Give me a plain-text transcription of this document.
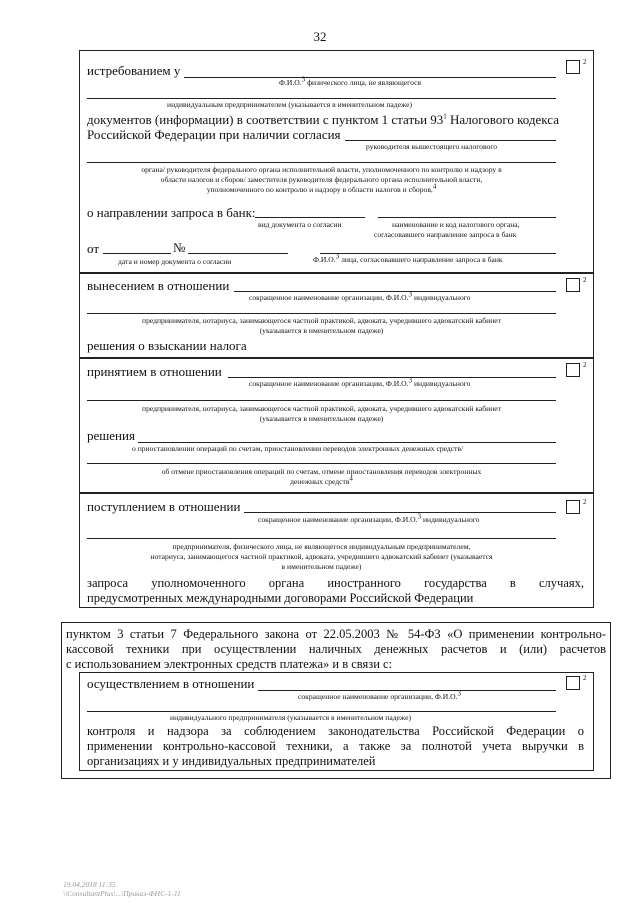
32
2
истребованием у
Ф.И.О.$^3$ физического лица, не являющегося
индивидуальным предпринимателем (указывается в именительном падеже)
документов (информации) в соответствии с пунктом 1 статьи $93^1$ Налогового кодекса
Российской Федерации при наличии согласия
руководителя вышестоящего налогового
органа/ руководителя федерального органа исполнительной власти, уполномоченного по контролю и надзору в
области налогов и сборов/ заместителя руководителя федерального органа исполнительной власти,
уполномоченного по контролю и надзору в области налогов и сборов,$^4$
о направлении запроса в банк:
вид документа о согласии	наименование и код налогового органа,
согласовавшего направление запроса в банк
от	№
дата и номер документа о согласии	Ф.И.О.$^3$ лица, согласовавшего направление запроса в банк
2
вынесением в отношении
сокращенное наименование организации, Ф.И.О.$^3$ индивидуального
предпринимателя, нотариуса, занимающегося частной практикой, адвоката, учредившего адвокатский кабинет
(указывается в именительном падеже)
решения о взыскании налога
2
принятием в отношении
сокращенное наименование организации, Ф.И.О.$^3$ индивидуального
предпринимателя, нотариуса, занимающегося частной практикой, адвоката, учредившего адвокатский кабинет
(указывается в именительном падеже)
решения
о приостановлении операций по счетам, приостановлении переводов электронных денежных средств/
об отмене приостановления операций по счетам, отмене приостановления переводов электронных
денежных средств$^4$
2
поступлением в отношении
сокращенное наименование организации, Ф.И.О.$^3$ индивидуального
предпринимателя, физического лица, не являющегося индивидуальным предпринимателем,
нотариуса, занимающегося частной практикой, адвоката, учредившего адвокатский кабинет (указывается
в именительном падеже)
запроса уполномоченного органа иностранного государства в случаях,
предусмотренных международными договорами Российской Федерации
пунктом 3 статьи 7 Федерального закона от 22.05.2003 № 54-ФЗ «О применении контрольно-
кассовой техники при осуществлении наличных денежных расчетов и (или) расчетов
с использованием электронных средств платежа» и в связи с:
2
осуществлением в отношении
сокращенное наименование организации, Ф.И.О.$^3$
индивидуального предпринимателя (указывается в именительном падеже)
контроля и надзора за соблюдением законодательства Российской Федерации о
применении контрольно-кассовой техники, а также за полнотой учета выручки в
организациях и у индивидуальных предпринимателей
19.04.2018 11:35
\\ConsultantPlus\...\Приказ-ФНС-1-11
